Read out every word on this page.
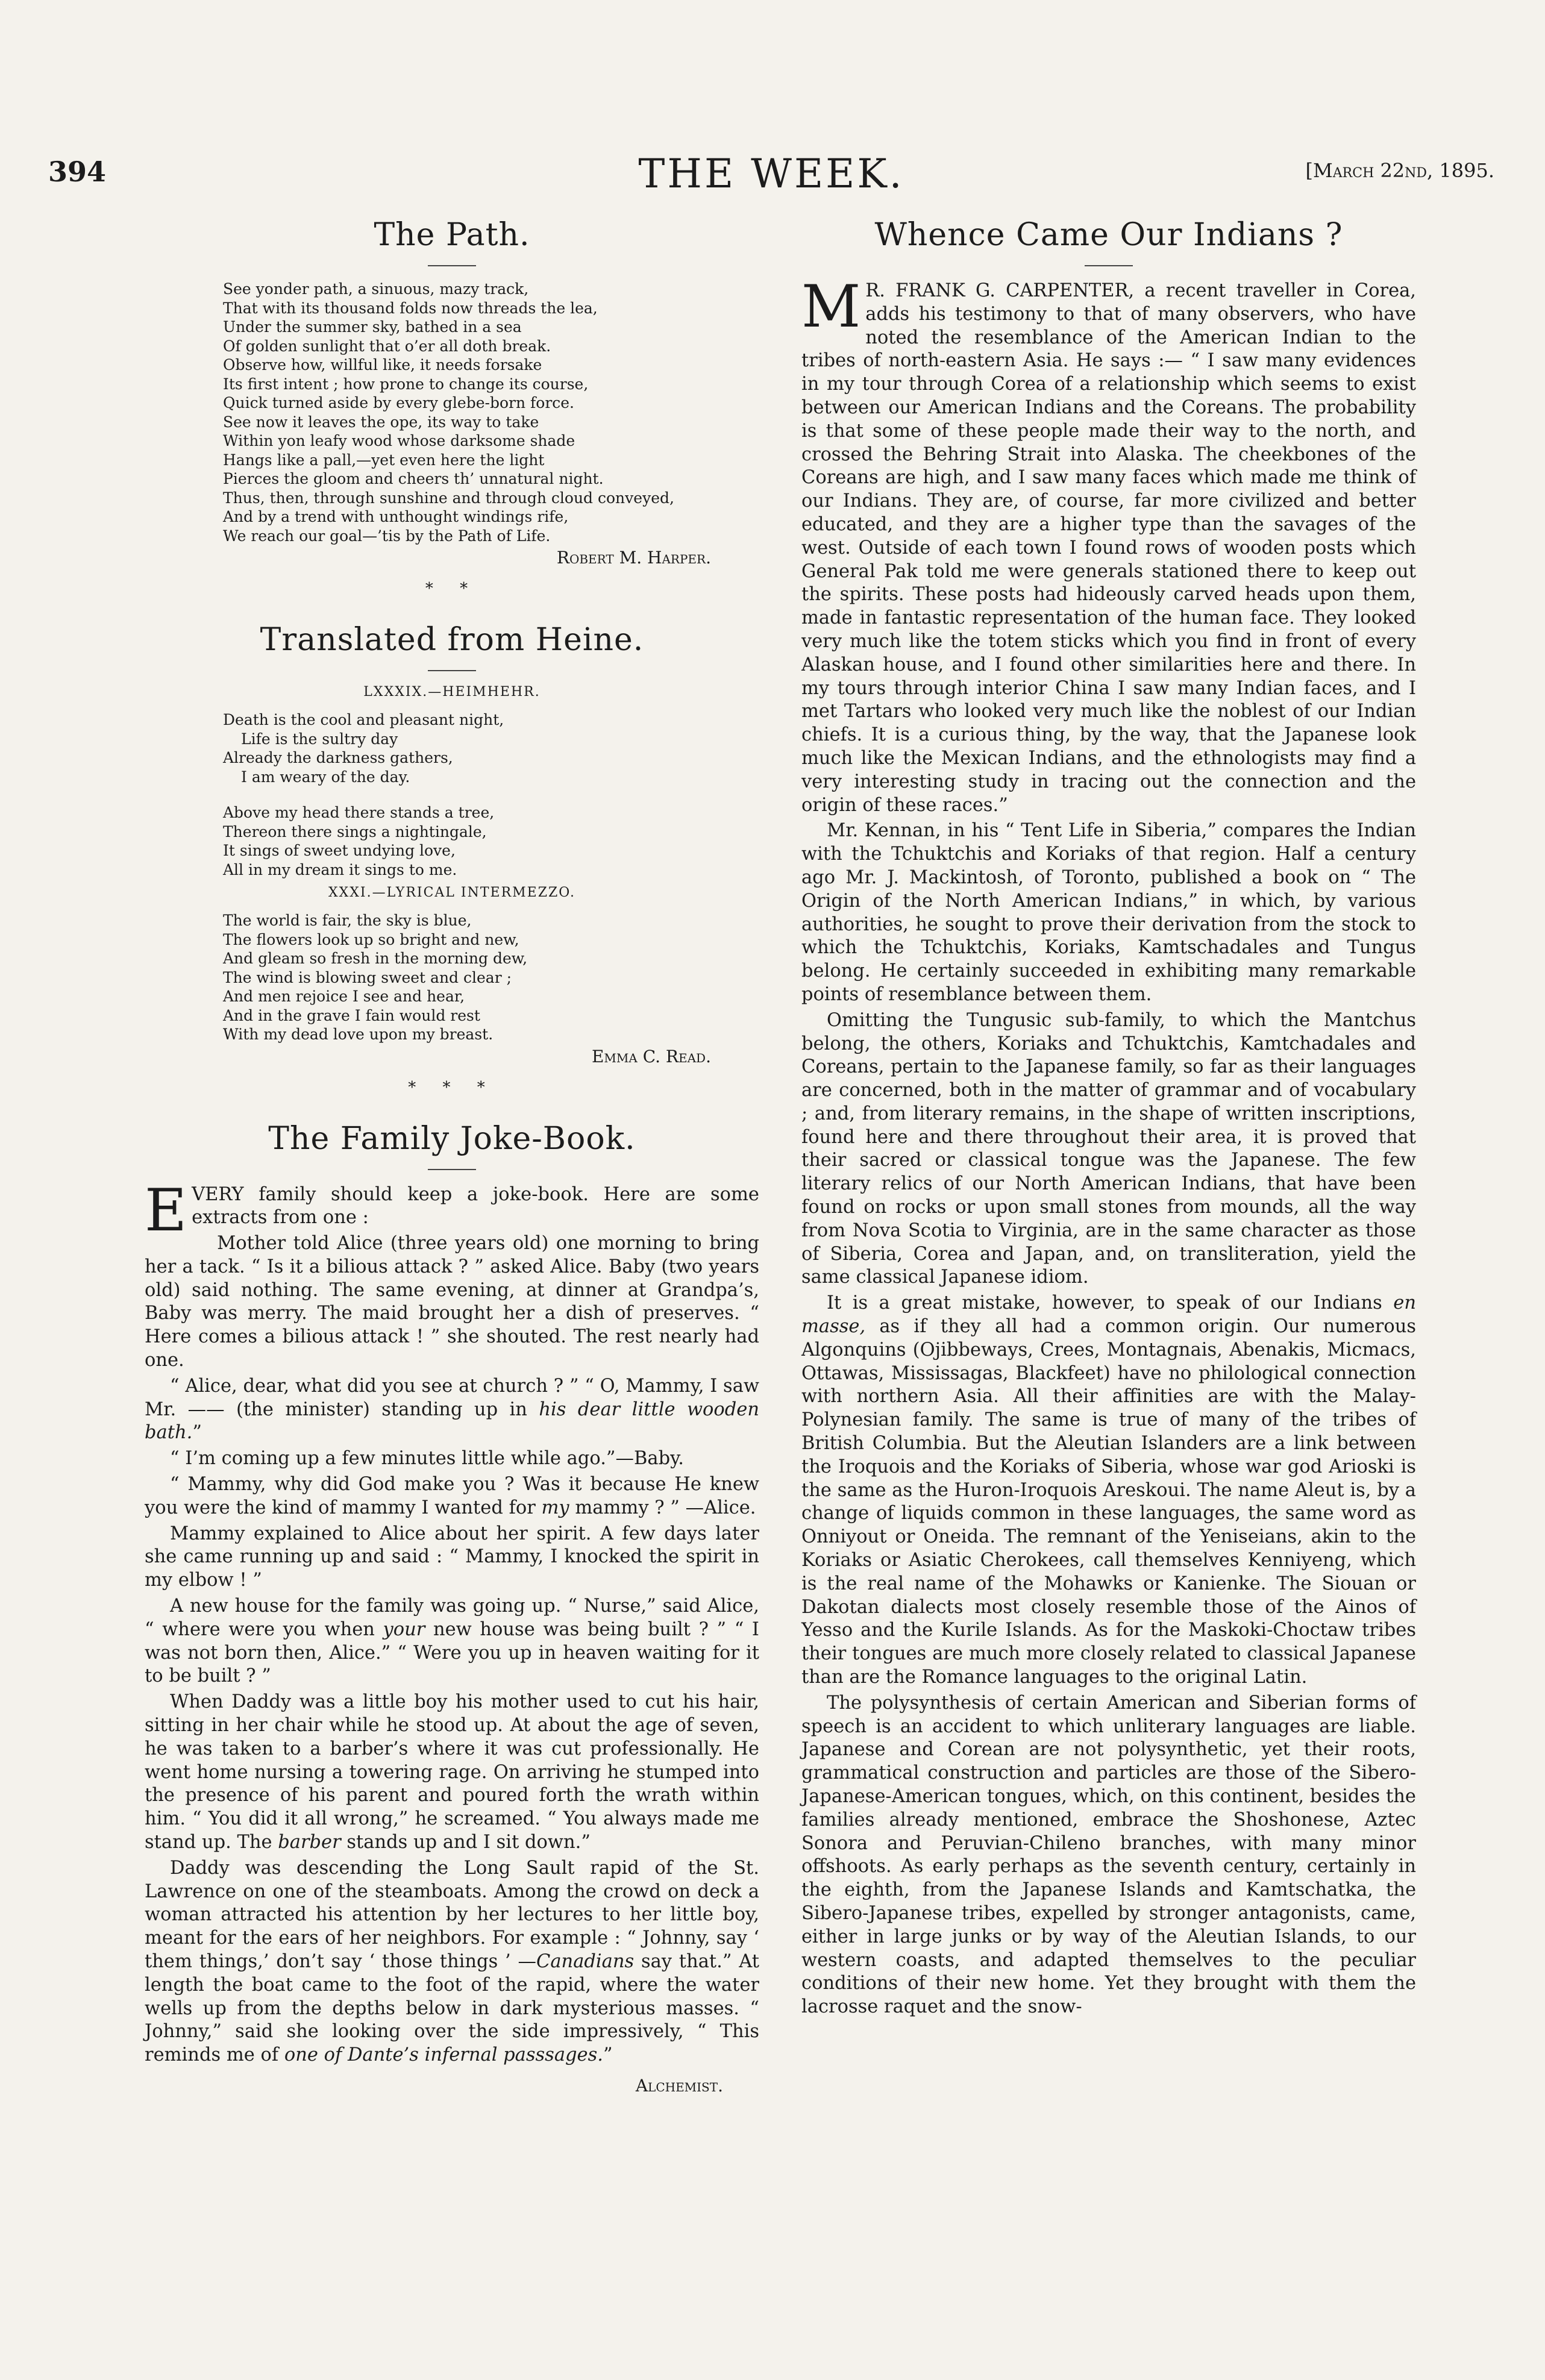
394	THE WEEK.	[March 22nd, 1895.
The Path.
See yonder path, a sinuous, mazy track,
That with its thousand folds now threads the lea,
Under the summer sky, bathed in a sea
Of golden sunlight that o’er all doth break.
Observe how, willful like, it needs forsake
Its first intent ; how prone to change its course,
Quick turned aside by every glebe-born force.
See now it leaves the ope, its way to take
Within yon leafy wood whose darksome shade
Hangs like a pall,—yet even here the light
Pierces the gloom and cheers th’ unnatural night.
Thus, then, through sunshine and through cloud conveyed,
And by a trend with unthought windings rife,
We reach our goal—’tis by the Path of Life.
Robert M. Harper.
* *
Translated from Heine.
LXXXIX.—HEIMHEHR.
Death is the cool and pleasant night,
Life is the sultry day
Already the darkness gathers,
I am weary of the day.
Above my head there stands a tree,
Thereon there sings a nightingale,
It sings of sweet undying love,
All in my dream it sings to me.
XXXI.—LYRICAL INTERMEZZO.
The world is fair, the sky is blue,
The flowers look up so bright and new,
And gleam so fresh in the morning dew,
The wind is blowing sweet and clear ;
And men rejoice I see and hear,
And in the grave I fain would rest
With my dead love upon my breast.
Emma C. Read.
* * *
The Family Joke-Book.

EVERY family should keep a joke-book. Here are some extracts from one :

Mother told Alice (three years old) one morning to bring her a tack. “ Is it a bilious attack ? ” asked Alice. Baby (two years old) said nothing. The same evening, at dinner at Grandpa’s, Baby was merry. The maid brought her a dish of preserves. “ Here comes a bilious attack ! ” she shouted. The rest nearly had one.

“ Alice, dear, what did you see at church ? ” “ O, Mammy, I saw Mr. —— (the minister) standing up in his dear little wooden bath.”

“ I’m coming up a few minutes little while ago.”—Baby.

“ Mammy, why did God make you ? Was it because He knew you were the kind of mammy I wanted for my mammy ? ” —Alice.

Mammy explained to Alice about her spirit. A few days later she came running up and said : “ Mammy, I knocked the spirit in my elbow ! ”

A new house for the family was going up. “ Nurse,” said Alice, “ where were you when your new house was being built ? ” “ I was not born then, Alice.” “ Were you up in heaven waiting for it to be built ? ”

When Daddy was a little boy his mother used to cut his hair, sitting in her chair while he stood up. At about the age of seven, he was taken to a barber’s where it was cut professionally. He went home nursing a towering rage. On arriving he stumped into the presence of his parent and poured forth the wrath within him. “ You did it all wrong,” he screamed. “ You always made me stand up. The barber stands up and I sit down.”

Daddy was descending the Long Sault rapid of the St. Lawrence on one of the steamboats. Among the crowd on deck a woman attracted his attention by her lectures to her little boy, meant for the ears of her neighbors. For example : “ Johnny, say ‘ them things,’ don’t say ‘ those things ’ —Canadians say that.” At length the boat came to the foot of the rapid, where the water wells up from the depths below in dark mysterious masses. “ Johnny,” said she looking over the side impressively, “ This reminds me of one of Dante’s infernal passsages.”

Alchemist.
Whence Came Our Indians ?

MR. FRANK G. CARPENTER, a recent traveller in Corea, adds his testimony to that of many observers, who have noted the resemblance of the American Indian to the tribes of north-eastern Asia. He says :— “ I saw many evidences in my tour through Corea of a relationship which seems to exist between our American Indians and the Coreans. The probability is that some of these people made their way to the north, and crossed the Behring Strait into Alaska. The cheekbones of the Coreans are high, and I saw many faces which made me think of our Indians. They are, of course, far more civilized and better educated, and they are a higher type than the savages of the west. Outside of each town I found rows of wooden posts which General Pak told me were generals stationed there to keep out the spirits. These posts had hideously carved heads upon them, made in fantastic representation of the human face. They looked very much like the totem sticks which you find in front of every Alaskan house, and I found other similarities here and there. In my tours through interior China I saw many Indian faces, and I met Tartars who looked very much like the noblest of our Indian chiefs. It is a curious thing, by the way, that the Japanese look much like the Mexican Indians, and the ethnologists may find a very interesting study in tracing out the connection and the origin of these races.”

Mr. Kennan, in his “ Tent Life in Siberia,” compares the Indian with the Tchuktchis and Koriaks of that region. Half a century ago Mr. J. Mackintosh, of Toronto, published a book on “ The Origin of the North American Indians,” in which, by various authorities, he sought to prove their derivation from the stock to which the Tchuktchis, Koriaks, Kamtschadales and Tungus belong. He certainly succeeded in exhibiting many remarkable points of resemblance between them.

Omitting the Tungusic sub-family, to which the Mantchus belong, the others, Koriaks and Tchuktchis, Kamtchadales and Coreans, pertain to the Japanese family, so far as their languages are concerned, both in the matter of grammar and of vocabulary ; and, from literary remains, in the shape of written inscriptions, found here and there throughout their area, it is proved that their sacred or classical tongue was the Japanese. The few literary relics of our North American Indians, that have been found on rocks or upon small stones from mounds, all the way from Nova Scotia to Virginia, are in the same character as those of Siberia, Corea and Japan, and, on transliteration, yield the same classical Japanese idiom.

It is a great mistake, however, to speak of our Indians en masse, as if they all had a common origin. Our numerous Algonquins (Ojibbeways, Crees, Montagnais, Abenakis, Micmacs, Ottawas, Mississagas, Blackfeet) have no philological connection with northern Asia. All their affinities are with the Malay-Polynesian family. The same is true of many of the tribes of British Columbia. But the Aleutian Islanders are a link between the Iroquois and the Koriaks of Siberia, whose war god Arioski is the same as the Huron-Iroquois Areskoui. The name Aleut is, by a change of liquids common in these languages, the same word as Onniyout or Oneida. The remnant of the Yeniseians, akin to the Koriaks or Asiatic Cherokees, call themselves Kenniyeng, which is the real name of the Mohawks or Kanienke. The Siouan or Dakotan dialects most closely resemble those of the Ainos of Yesso and the Kurile Islands. As for the Maskoki-Choctaw tribes their tongues are much more closely related to classical Japanese than are the Romance languages to the original Latin.

The polysynthesis of certain American and Siberian forms of speech is an accident to which unliterary languages are liable. Japanese and Corean are not polysynthetic, yet their roots, grammatical construction and particles are those of the Sibero-Japanese-American tongues, which, on this continent, besides the families already mentioned, embrace the Shoshonese, Aztec Sonora and Peruvian-Chileno branches, with many minor offshoots. As early perhaps as the seventh century, certainly in the eighth, from the Japanese Islands and Kamtschatka, the Sibero-Japanese tribes, expelled by stronger antagonists, came, either in large junks or by way of the Aleutian Islands, to our western coasts, and adapted themselves to the peculiar conditions of their new home. Yet they brought with them the lacrosse raquet and the snow-
